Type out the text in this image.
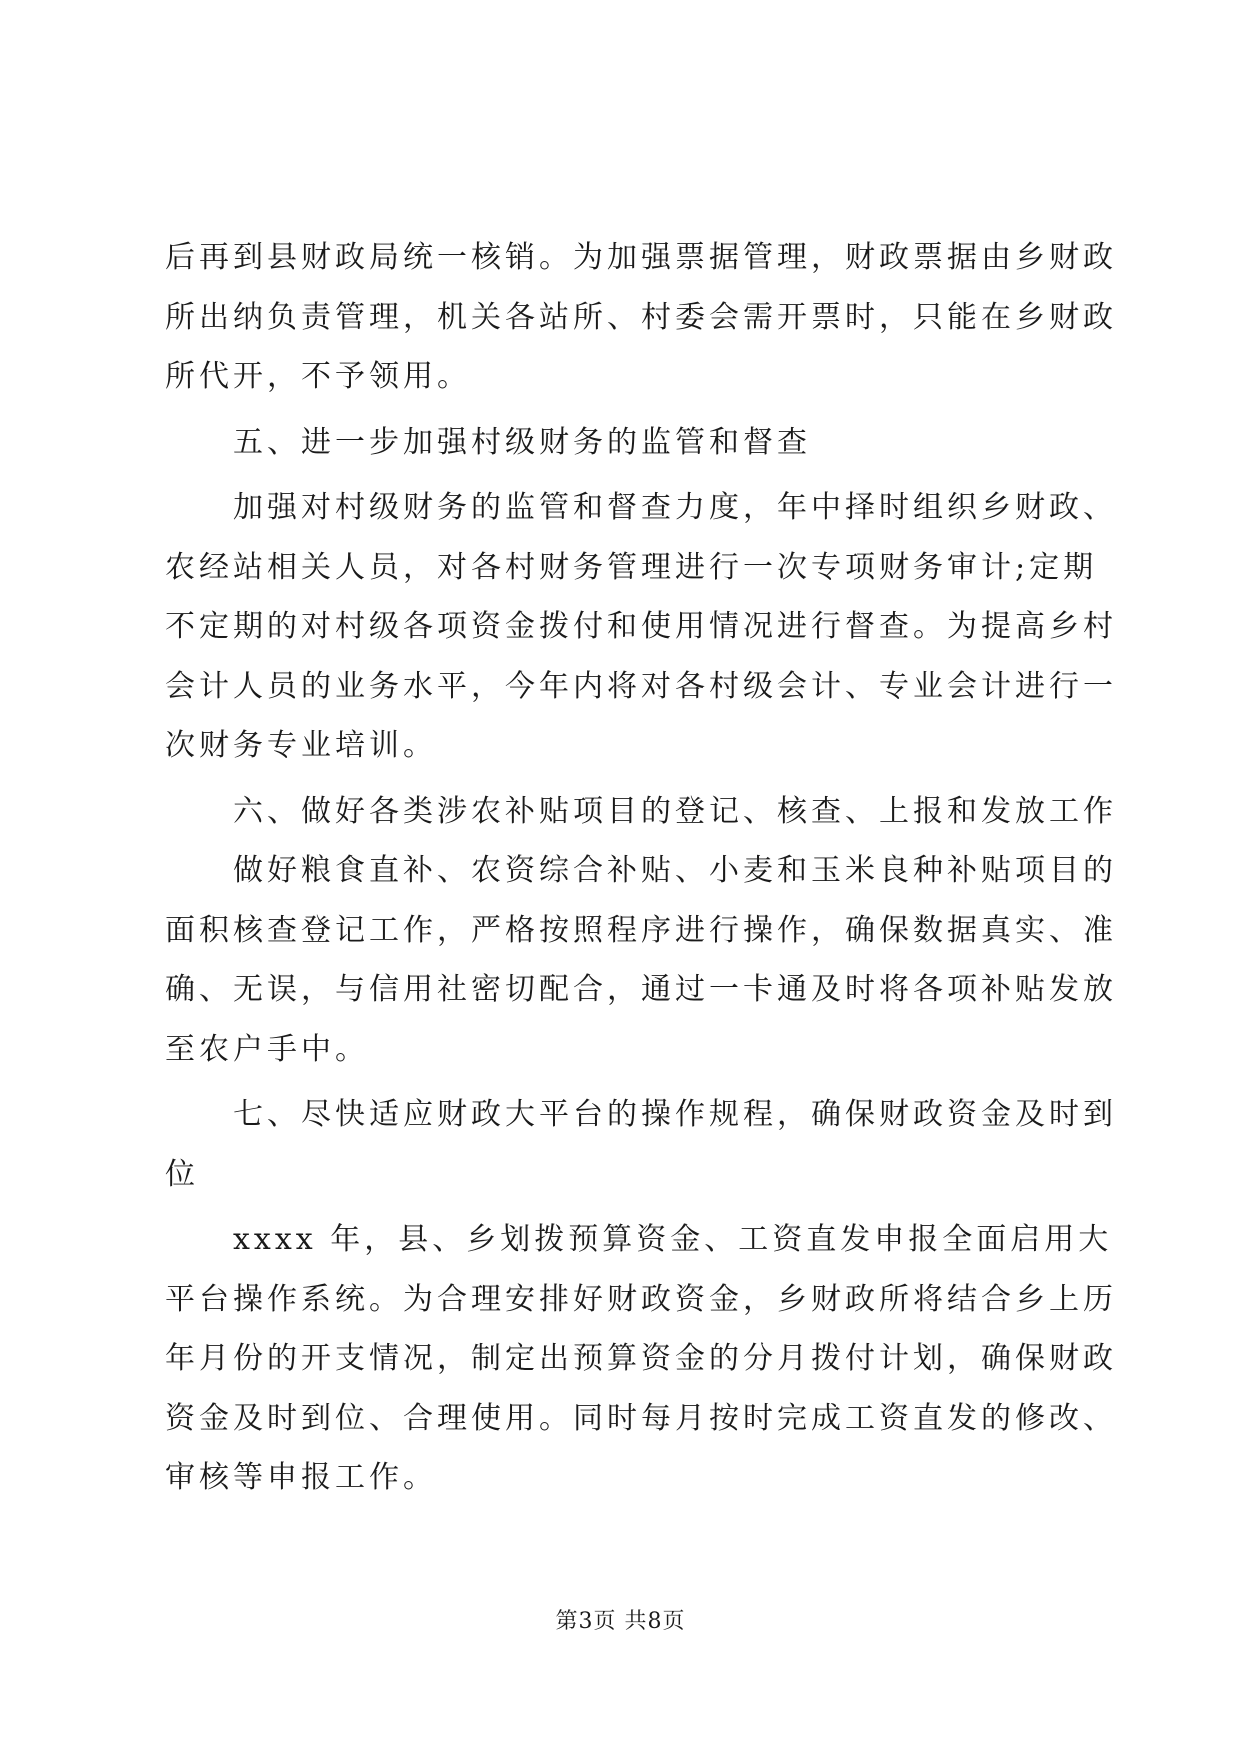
后再到县财政局统一核销。为加强票据管理，财政票据由乡财政
所出纳负责管理，机关各站所、村委会需开票时，只能在乡财政
所代开，不予领用。
五、进一步加强村级财务的监管和督查
加强对村级财务的监管和督查力度，年中择时组织乡财政、
农经站相关人员，对各村财务管理进行一次专项财务审计;定期
不定期的对村级各项资金拨付和使用情况进行督查。为提高乡村
会计人员的业务水平，今年内将对各村级会计、专业会计进行一
次财务专业培训。
六、做好各类涉农补贴项目的登记、核查、上报和发放工作
做好粮食直补、农资综合补贴、小麦和玉米良种补贴项目的
面积核查登记工作，严格按照程序进行操作，确保数据真实、准
确、无误，与信用社密切配合，通过一卡通及时将各项补贴发放
至农户手中。
七、尽快适应财政大平台的操作规程，确保财政资金及时到
位
xxxx 年，县、乡划拨预算资金、工资直发申报全面启用大
平台操作系统。为合理安排好财政资金，乡财政所将结合乡上历
年月份的开支情况，制定出预算资金的分月拨付计划，确保财政
资金及时到位、合理使用。同时每月按时完成工资直发的修改、
审核等申报工作。
第3页 共8页
